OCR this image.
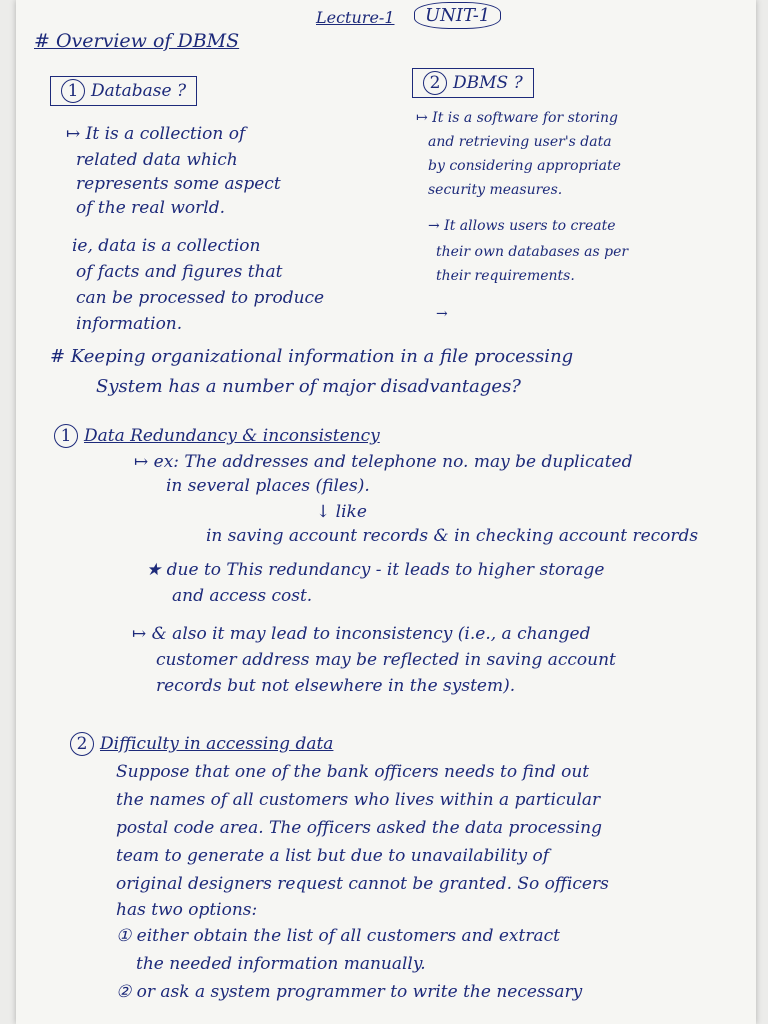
Lecture-1	UNIT-1
# Overview of DBMS
1 Database ?
↦ It is a collection of
related data which
represents some aspect
of the real world.
ie, data is a collection
of facts and figures that
can be processed to produce
information.
2 DBMS ?
↦ It is a software for storing
and retrieving user's data
by considering appropriate
security measures.
→ It allows users to create
their own databases as per
their requirements.
→
# Keeping organizational information in a file processing
System has a number of major disadvantages?
1 Data Redundancy & inconsistency
↦ ex: The addresses and telephone no. may be duplicated
in several places (files).
↓ like
in saving account records & in checking account records
★ due to This redundancy - it leads to higher storage
and access cost.
↦ & also it may lead to inconsistency (i.e., a changed
customer address may be reflected in saving account
records but not elsewhere in the system).
2 Difficulty in accessing data
Suppose that one of the bank officers needs to find out
the names of all customers who lives within a particular
postal code area. The officers asked the data processing
team to generate a list but due to unavailability of
original designers request cannot be granted. So officers
has two options:
① either obtain the list of all customers and extract
the needed information manually.
② or ask a system programmer to write the necessary
